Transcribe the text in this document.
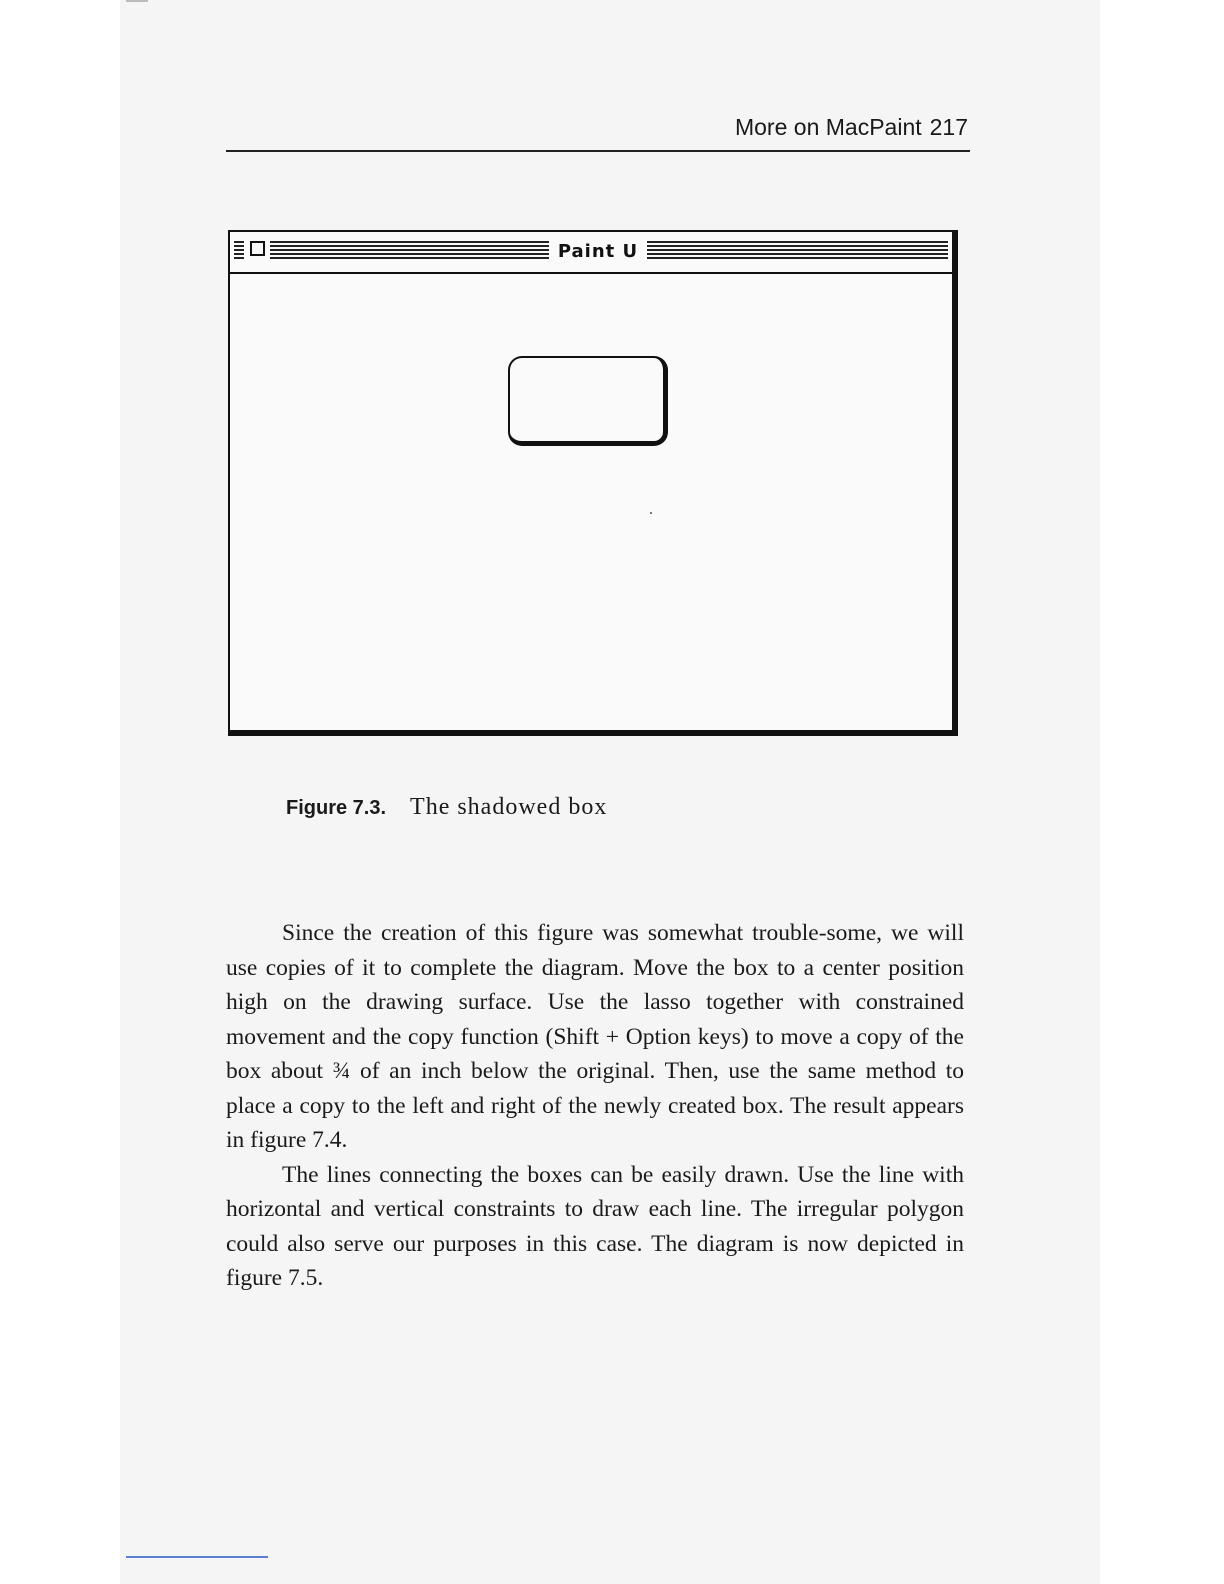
More on MacPaint 217
Paint U
Figure 7.3. The shadowed box

Since the creation of this figure was somewhat trouble-some, we will use copies of it to complete the diagram. Move the box to a center position high on the drawing surface. Use the lasso together with constrained movement and the copy function (Shift + Option keys) to move a copy of the box about ¾ of an inch below the original. Then, use the same method to place a copy to the left and right of the newly created box. The result appears in figure 7.4.

The lines connecting the boxes can be easily drawn. Use the line with horizontal and vertical constraints to draw each line. The irregular polygon could also serve our purposes in this case. The diagram is now depicted in figure 7.5.
